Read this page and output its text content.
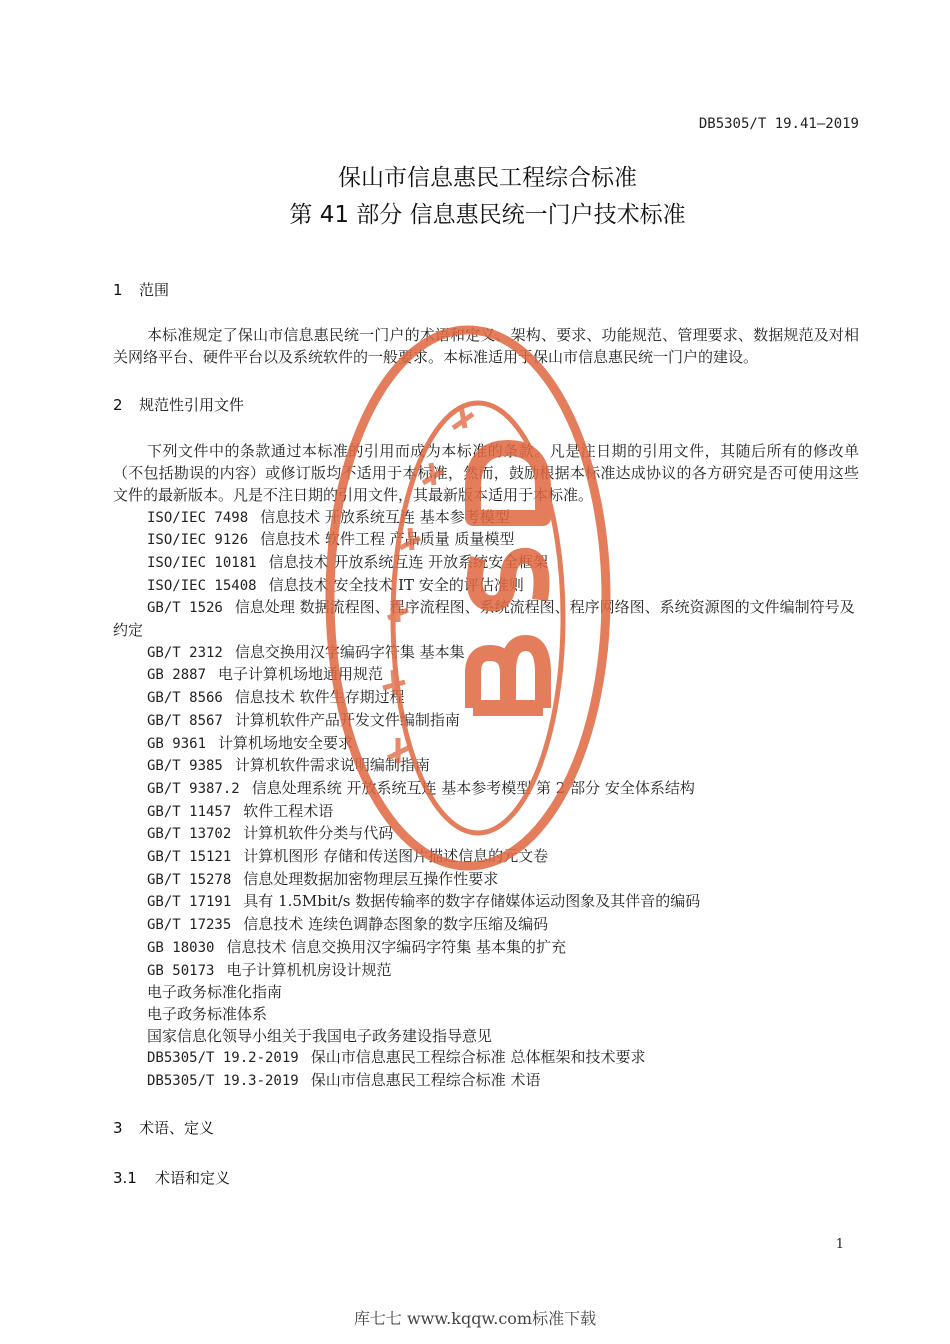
DB5305/T 19.41—2019
保山市信息惠民工程综合标准
第 41 部分 信息惠民统一门户技术标准
1 范围
本标准规定了保山市信息惠民统一门户的术语和定义、架构、要求、功能规范、管理要求、数据规范及对相关网络平台、硬件平台以及系统软件的一般要求。本标准适用于保山市信息惠民统一门户的建设。
2 规范性引用文件
下列文件中的条款通过本标准的引用而成为本标准的条款。凡是注日期的引用文件，其随后所有的修改单（不包括勘误的内容）或修订版均不适用于本标准，然而，鼓励根据本标准达成协议的各方研究是否可使用这些文件的最新版本。凡是不注日期的引用文件，其最新版本适用于本标准。
ISO/IEC 7498 信息技术 开放系统互连 基本参考模型
ISO/IEC 9126 信息技术 软件工程 产品质量 质量模型
ISO/IEC 10181 信息技术 开放系统互连 开放系统安全框架
ISO/IEC 15408 信息技术 安全技术 IT 安全的评估准则
GB/T 1526 信息处理 数据流程图、程序流程图、系统流程图、程序网络图、系统资源图的文件编制符号及约定
GB/T 2312 信息交换用汉字编码字符集 基本集
GB 2887 电子计算机场地通用规范
GB/T 8566 信息技术 软件生存期过程
GB/T 8567 计算机软件产品开发文件编制指南
GB 9361 计算机场地安全要求
GB/T 9385 计算机软件需求说明编制指南
GB/T 9387.2 信息处理系统 开放系统互连 基本参考模型 第 2 部分 安全体系结构
GB/T 11457 软件工程术语
GB/T 13702 计算机软件分类与代码
GB/T 15121 计算机图形 存储和传送图片描述信息的元文卷
GB/T 15278 信息处理数据加密物理层互操作性要求
GB/T 17191 具有 1.5Mbit/s 数据传输率的数字存储媒体运动图象及其伴音的编码
GB/T 17235 信息技术 连续色调静态图象的数字压缩及编码
GB 18030 信息技术 信息交换用汉字编码字符集 基本集的扩充
GB 50173 电子计算机机房设计规范
电子政务标准化指南
电子政务标准体系
国家信息化领导小组关于我国电子政务建设指导意见
DB5305/T 19.2-2019 保山市信息惠民工程综合标准 总体框架和技术要求
DB5305/T 19.3-2019 保山市信息惠民工程综合标准 术语
3 术语、定义
3.1 术语和定义
1
库七七 www.kqqw.com标准下载
